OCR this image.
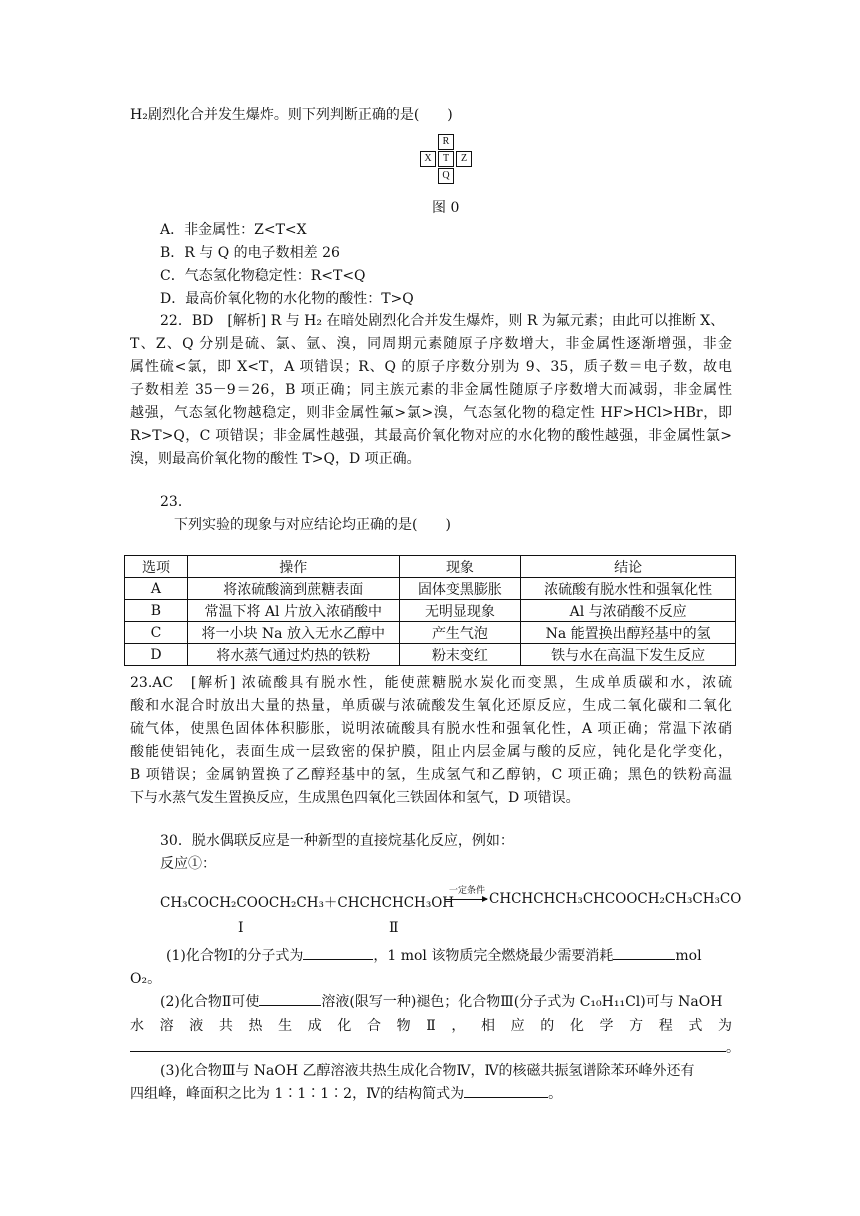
H₂剧烈化合并发生爆炸。则下列判断正确的是(　　)
R
X	T	Z
Q
图 0
A．非金属性：Z<T<X
B．R 与 Q 的电子数相差 26
C．气态氢化物稳定性：R<T<Q
D．最高价氧化物的水化物的酸性：T>Q
22．BD　[解析] R 与 H₂ 在暗处剧烈化合并发生爆炸，则 R 为氟元素；由此可以推断 X、
T、Z、Q 分别是硫、氯、氩、溴，同周期元素随原子序数增大，非金属性逐渐增强，非金
属性硫<氯，即 X<T，A 项错误；R、Q 的原子序数分别为 9、35，质子数＝电子数，故电
子数相差 35－9＝26，B 项正确；同主族元素的非金属性随原子序数增大而减弱，非金属性
越强，气态氢化物越稳定，则非金属性氟>氯>溴，气态氢化物的稳定性 HF>HCl>HBr，即
R>T>Q，C 项错误；非金属性越强，其最高价氧化物对应的水化物的酸性越强，非金属性氯>
溴，则最高价氧化物的酸性 T>Q，D 项正确。
23．
下列实验的现象与对应结论均正确的是(　　)
选项	操作	现象	结论
A	将浓硫酸滴到蔗糖表面	固体变黑膨胀	浓硫酸有脱水性和强氧化性
B	常温下将 Al 片放入浓硝酸中	无明显现象	Al 与浓硝酸不反应
C	将一小块 Na 放入无水乙醇中	产生气泡	Na 能置换出醇羟基中的氢
D	将水蒸气通过灼热的铁粉	粉末变红	铁与水在高温下发生反应
23.AC　[解析] 浓硫酸具有脱水性，能使蔗糖脱水炭化而变黑，生成单质碳和水，浓硫
酸和水混合时放出大量的热量，单质碳与浓硫酸发生氧化还原反应，生成二氧化碳和二氧化
硫气体，使黑色固体体积膨胀，说明浓硫酸具有脱水性和强氧化性，A 项正确；常温下浓硝
酸能使铝钝化，表面生成一层致密的保护膜，阻止内层金属与酸的反应，钝化是化学变化，
B 项错误；金属钠置换了乙醇羟基中的氢，生成氢气和乙醇钠，C 项正确；黑色的铁粉高温
下与水蒸气发生置换反应，生成黑色四氧化三铁固体和氢气，D 项错误。
30．脱水偶联反应是一种新型的直接烷基化反应，例如：
反应①：
CH₃COCH₂COOCH₂CH₃＋CHCHCHCH₃OH
一定条件 → CHCHCHCH₃CHCOOCH₂CH₃CH₃CO
Ⅰ	Ⅱ
(1)化合物Ⅰ的分子式为	，1 mol 该物质完全燃烧最少需要消耗	mol
O₂。
(2)化合物Ⅱ可使	溶液(限写一种)褪色；化合物Ⅲ(分子式为 C₁₀H₁₁Cl)可与 NaOH
水 溶 液 共 热 生 成 化 合 物 Ⅱ ， 相 应 的 化 学 方 程 式 为
。
(3)化合物Ⅲ与 NaOH 乙醇溶液共热生成化合物Ⅳ，Ⅳ的核磁共振氢谱除苯环峰外还有
四组峰，峰面积之比为 1∶1∶1∶2，Ⅳ的结构简式为	。
